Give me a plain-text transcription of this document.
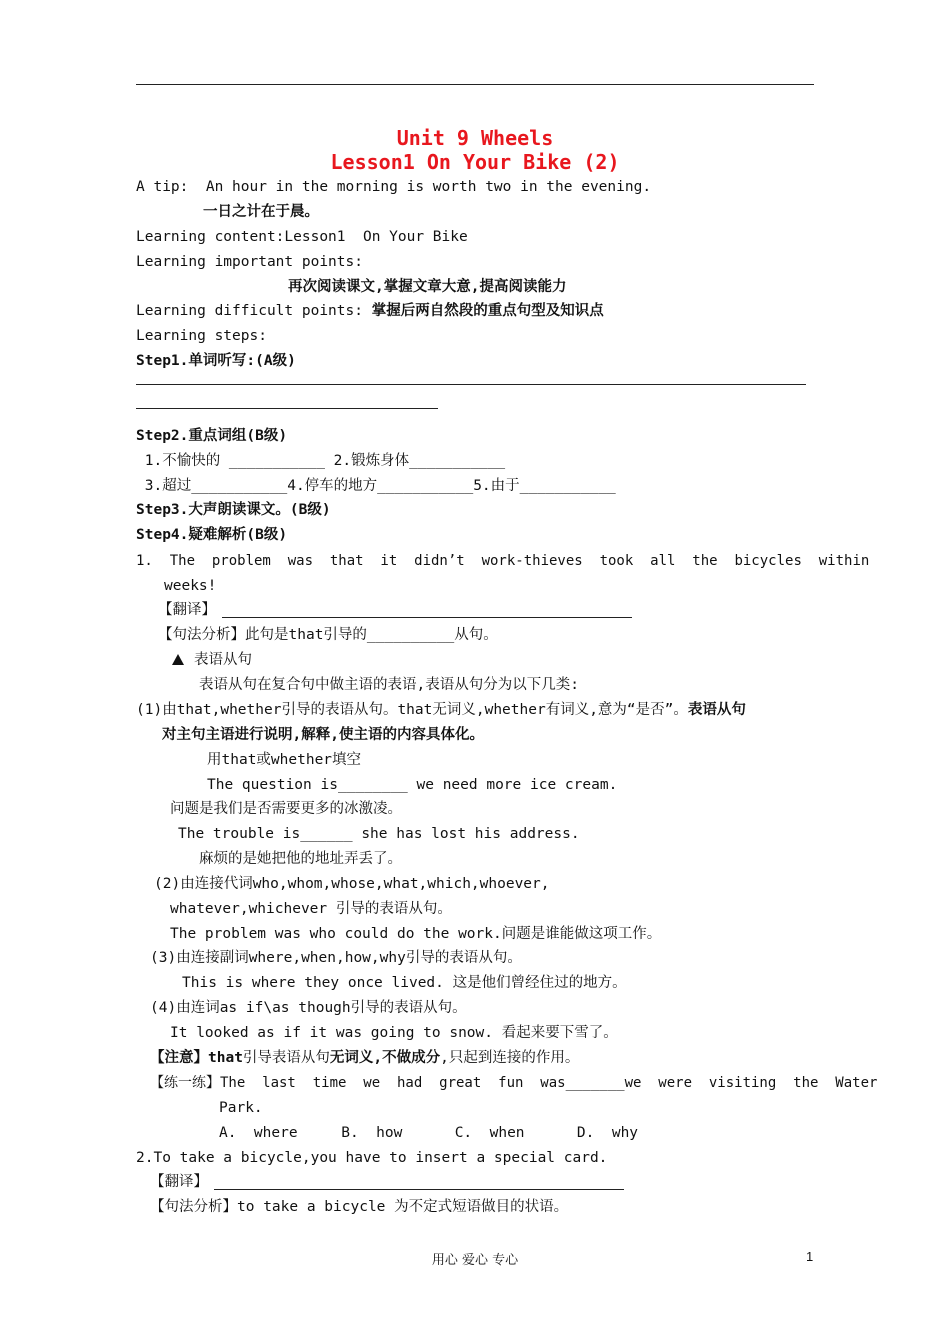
Unit 9 Wheels
Lesson1 On Your Bike (2)
A tip:  An hour in the morning is worth two in the evening.
一日之计在于晨。
Learning content:Lesson1  On Your Bike
Learning important points:
再次阅读课文,掌握文章大意,提高阅读能力
Learning difficult points: 掌握后两自然段的重点句型及知识点
Learning steps:
Step1.单词听写:(A级)
Step2.重点词组(B级)
1.不愉快的 ___________ 2.锻炼身体___________
3.超过___________4.停车的地方___________5.由于___________
Step3.大声朗读课文。(B级)
Step4.疑难解析(B级)
1.  The  problem  was  that  it  didn’t  work-thieves  took  all  the  bicycles  within
weeks!
【翻译】
【句法分析】此句是that引导的__________从句。
表语从句
表语从句在复合句中做主语的表语,表语从句分为以下几类:
(1)由that,whether引导的表语从句。that无词义,whether有词义,意为“是否”。表语从句
对主句主语进行说明,解释,使主语的内容具体化。
用that或whether填空
The question is________ we need more ice cream.
问题是我们是否需要更多的冰激凌。
The trouble is______ she has lost his address.
麻烦的是她把他的地址弄丢了。
(2)由连接代词who,whom,whose,what,which,whoever,
whatever,whichever 引导的表语从句。
The problem was who could do the work.问题是谁能做这项工作。
(3)由连接副词where,when,how,why引导的表语从句。
This is where they once lived. 这是他们曾经住过的地方。
(4)由连词as if\as though引导的表语从句。
It looked as if it was going to snow. 看起来要下雪了。
【注意】that引导表语从句无词义,不做成分,只起到连接的作用。
【练一练】The  last  time  we  had  great  fun  was_______we  were  visiting  the  Water
Park.
A.  where     B.  how      C.  when      D.  why
2.To take a bicycle,you have to insert a special card.
【翻译】
【句法分析】to take a bicycle 为不定式短语做目的状语。
用心 爱心 专心	1
